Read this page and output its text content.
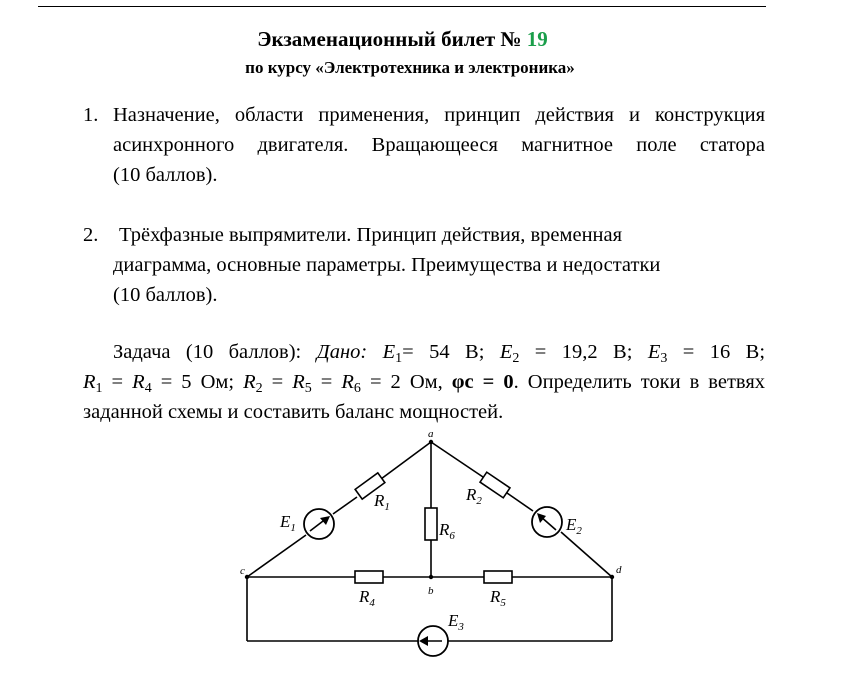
Экзаменационный билет № 19
по курсу «Электротехника и электроника»
1. Назначение, области применения, принцип действия и конструкция
асинхронного двигателя. Вращающееся магнитное поле статора
(10 баллов).
2. Трёхфазные выпрямители. Принцип действия, временная
диаграмма, основные параметры. Преимущества и недостатки
(10 баллов).
Задача (10 баллов): Дано: $E_1= 54$ В; $E_2 = 19,2$ В; $E_3 = 16$ В;
$R_1 = R_4 = 5$ Ом; $R_2 = R_5 = R_6 = 2$ Ом, φc = 0. Определить токи в ветвях
заданной схемы и составить баланс мощностей.
a
b
c	d
$R_1$
$R_2$
$R_6$
$R_4$	$R_5$
$E_1$	$E_2$
$E_3$
